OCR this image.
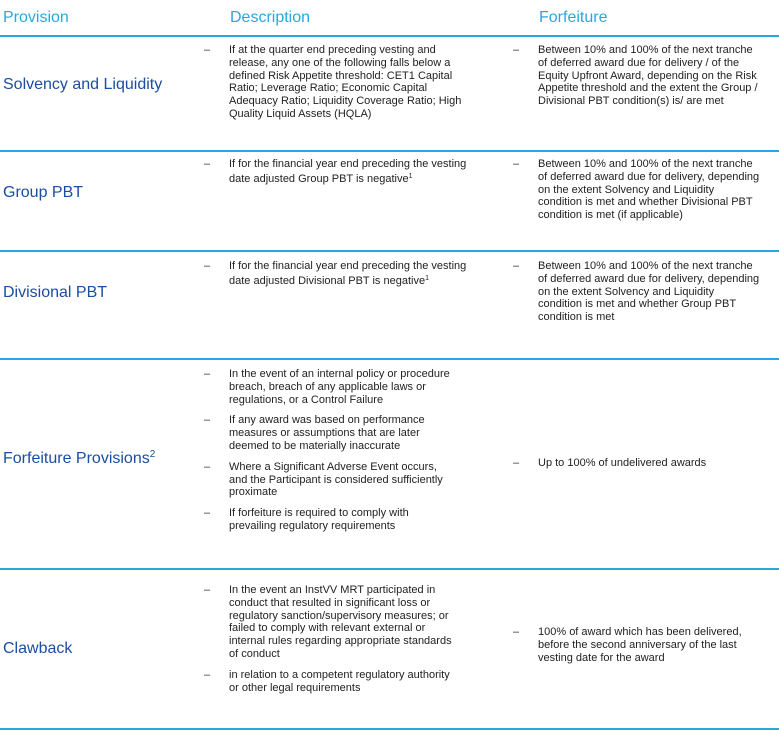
Provision	Description	Forfeiture
Solvency and Liquidity
– If at the quarter end preceding vesting and release, any one of the following falls below a defined Risk Appetite threshold: CET1 Capital Ratio; Leverage Ratio; Economic Capital Adequacy Ratio; Liquidity Coverage Ratio; High Quality Liquid Assets (HQLA)
– Between 10% and 100% of the next tranche of deferred award due for delivery / of the Equity Upfront Award, depending on the Risk Appetite threshold and the extent the Group / Divisional PBT condition(s) is/ are met
Group PBT
– If for the financial year end preceding the vesting date adjusted Group PBT is negative$^1$
– Between 10% and 100% of the next tranche of deferred award due for delivery, depending on the extent Solvency and Liquidity condition is met and whether Divisional PBT condition is met (if applicable)
Divisional PBT
– If for the financial year end preceding the vesting date adjusted Divisional PBT is negative$^1$
– Between 10% and 100% of the next tranche of deferred award due for delivery, depending on the extent Solvency and Liquidity condition is met and whether Group PBT condition is met
Forfeiture Provisions$^2$
– In the event of an internal policy or procedure breach, breach of any applicable laws or regulations, or a Control Failure
– If any award was based on performance measures or assumptions that are later deemed to be materially inaccurate
– Where a Significant Adverse Event occurs, and the Participant is considered sufficiently proximate
– If forfeiture is required to comply with prevailing regulatory requirements
– Up to 100% of undelivered awards
Clawback
– In the event an InstVV MRT participated in conduct that resulted in significant loss or regulatory sanction/supervisory measures; or failed to comply with relevant external or internal rules regarding appropriate standards of conduct
– in relation to a competent regulatory authority or other legal requirements
– 100% of award which has been delivered, before the second anniversary of the last vesting date for the award
